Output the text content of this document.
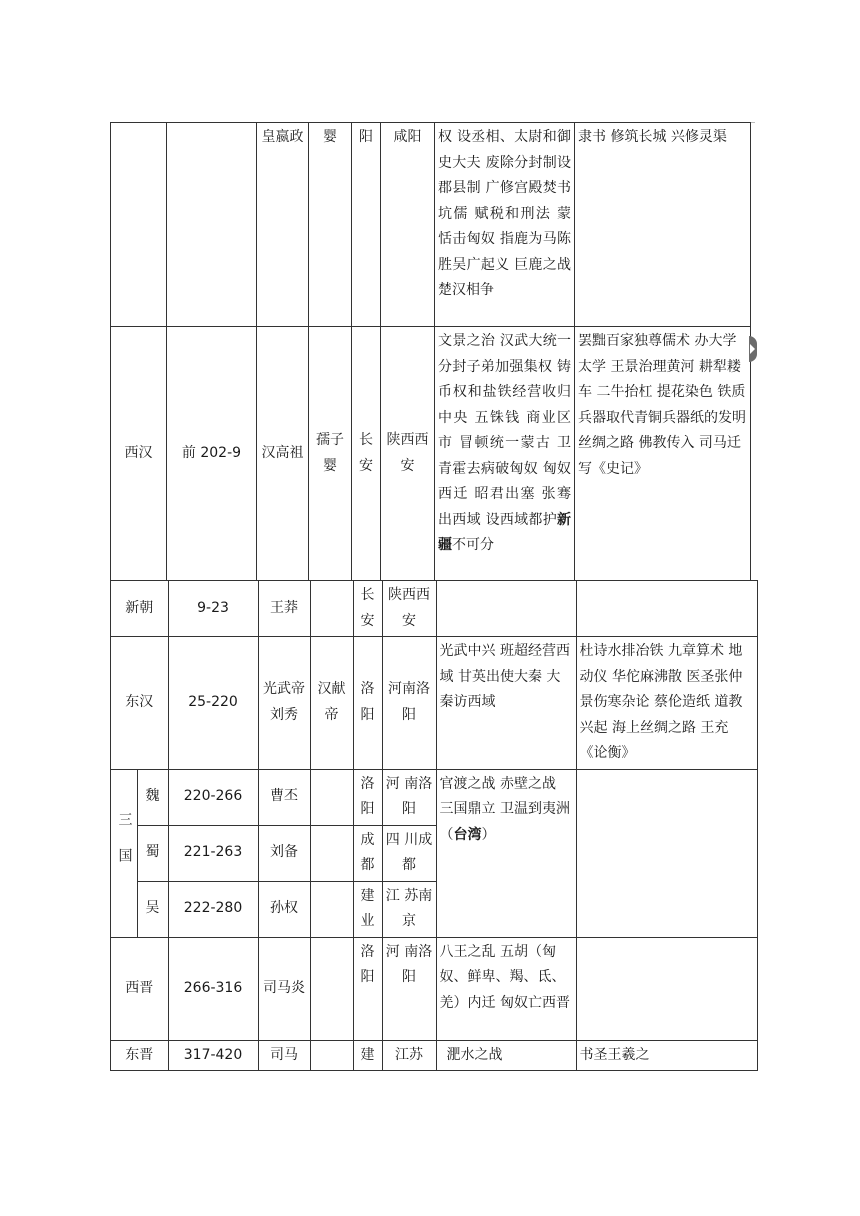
		皇嬴政	婴	阳	咸阳	权 设丞相、太尉和御史大夫 废除分封制设郡县制 广修宫殿焚书坑儒 赋税和刑法 蒙恬击匈奴 指鹿为马陈胜吴广起义 巨鹿之战 楚汉相争	隶书 修筑长城 兴修灵渠
西汉	前 202-9	汉高祖	孺子婴	长安	陕西西安	文景之治 汉武大统一 分封子弟加强集权 铸币权和盐铁经营收归中央 五铢钱 商业区市 冒顿统一蒙古 卫青霍去病破匈奴 匈奴西迁 昭君出塞 张骞出西域 设西域都护新疆不可分	罢黜百家独尊儒术 办大学太学 王景治理黄河 耕犁耧车 二牛抬杠 提花染色 铁质兵器取代青铜兵器纸的发明 丝绸之路 佛教传入 司马迁写《史记》
新朝		9-23	王莽		长安	陕西西安		
东汉		25-220	光武帝刘秀	汉献帝	洛阳	河南洛阳	光武中兴 班超经营西域 甘英出使大秦 大秦访西域	杜诗水排冶铁 九章算术 地动仪 华佗麻沸散 医圣张仲景伤寒杂论 蔡伦造纸 道教兴起 海上丝绸之路 王充《论衡》
三国	魏	220-266	曹丕		洛阳	河 南洛阳	官渡之战 赤壁之战 三国鼎立 卫温到夷洲（台湾）	
	蜀	221-263	刘备		成都	四 川成都		
	吴	222-280	孙权		建业	江 苏南京		
西晋		266-316	司马炎		洛阳	河 南洛阳	八王之乱 五胡（匈奴、鲜卑、羯、氐、羌）内迁 匈奴亡西晋	
东晋		317-420	司马		建	江苏	淝水之战	书圣王羲之
